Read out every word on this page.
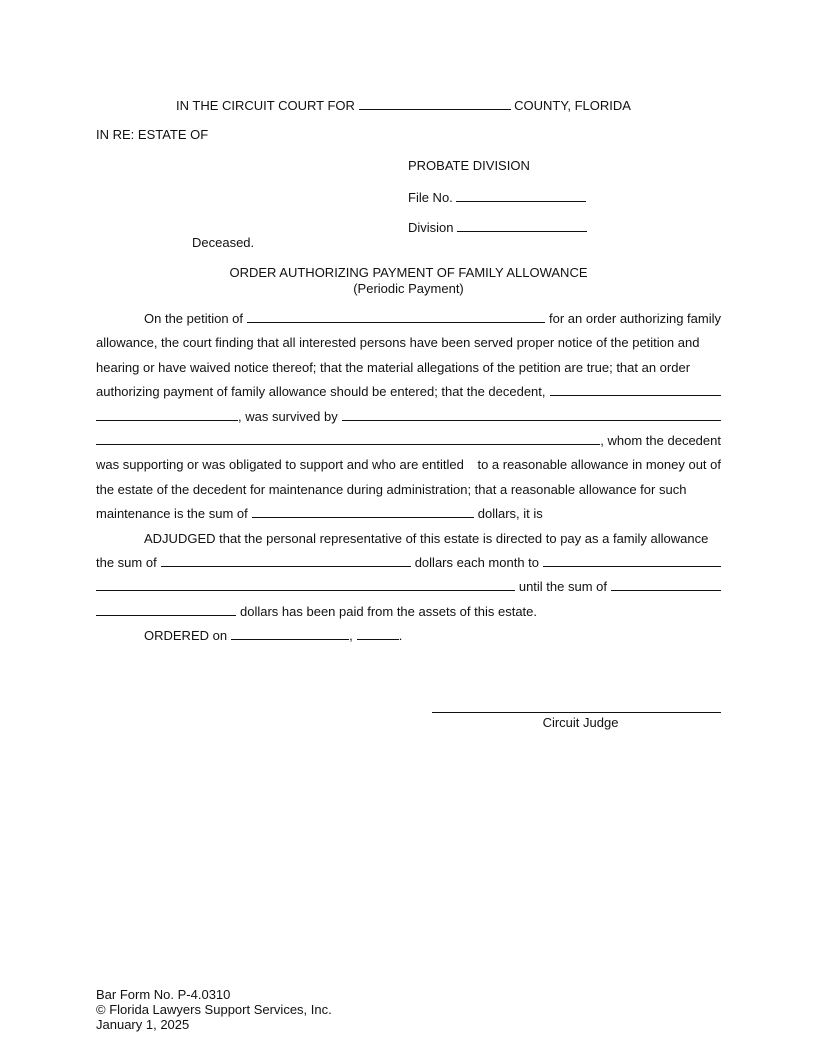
IN THE CIRCUIT COURT FOR	COUNTY, FLORIDA
IN RE: ESTATE OF
PROBATE DIVISION
File No.
Division
Deceased.
ORDER AUTHORIZING PAYMENT OF FAMILY ALLOWANCE
(Periodic Payment)
On the petition of	for an order authorizing family
allowance, the court finding that all interested persons have been served proper notice of the petition and
hearing or have waived notice thereof; that the material allegations of the petition are true; that an order
authorizing payment of family allowance should be entered; that the decedent,
, was survived by
, whom the decedent
was supporting or was obligated to support and who are entitled to a reasonable allowance in money out of
the estate of the decedent for maintenance during administration; that a reasonable allowance for such
maintenance is the sum of	dollars, it is
ADJUDGED that the personal representative of this estate is directed to pay as a family allowance
the sum of	dollars each month to
until the sum of
dollars has been paid from the assets of this estate.
ORDERED on	,	.
Circuit Judge
Bar Form No. P-4.0310
© Florida Lawyers Support Services, Inc.
January 1, 2025
